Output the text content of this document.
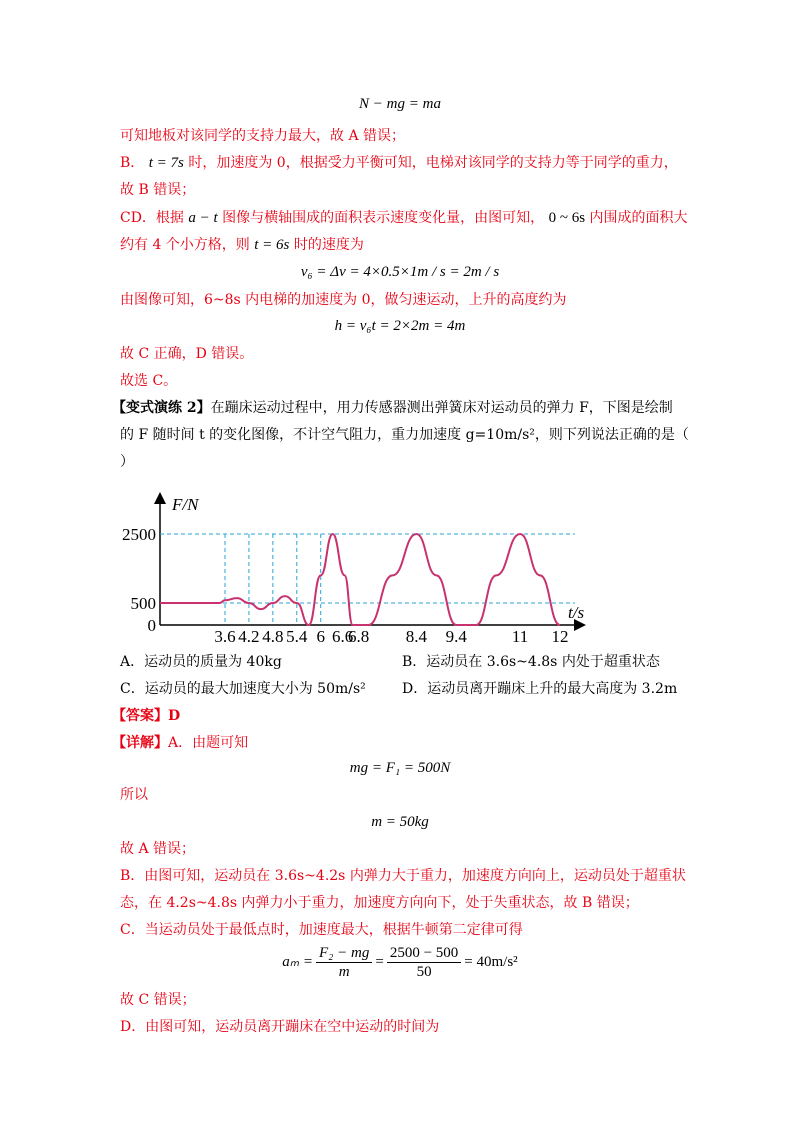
N − mg = ma
可知地板对该同学的支持力最大，故 A 错误；
B． t = 7s 时，加速度为 0，根据受力平衡可知，电梯对该同学的支持力等于同学的重力，
故 B 错误；
CD．根据 a − t 图像与横轴围成的面积表示速度变化量，由图可知， 0 ~ 6s 内围成的面积大
约有 4 个小方格，则 t = 6s 时的速度为
v₆ = Δv = 4×0.5×1m / s = 2m / s
由图像可知，6~8s 内电梯的加速度为 0，做匀速运动，上升的高度约为
h = v₆t = 2×2m = 4m
故 C 正确，D 错误。
故选 C。
【变式演练 2】在蹦床运动过程中，用力传感器测出弹簧床对运动员的弹力 F，下图是绘制
的 F 随时间 t 的变化图像，不计空气阻力，重力加速度 g=10m/s²，则下列说法正确的是（
）
F/N
t/s
0
500
2500
3.6 4.2 4.8 5.4 6 6.6
6.8 8.4 9.4	11 12
A．运动员的质量为 40kg	B．运动员在 3.6s~4.8s 内处于超重状态
C．运动员的最大加速度大小为 50m/s²	D．运动员离开蹦床上升的最大高度为 3.2m
【答案】D
【详解】A．由题可知
mg = F₁ = 500N
所以
m = 50kg
故 A 错误；
B．由图可知，运动员在 3.6s~4.2s 内弹力大于重力，加速度方向向上，运动员处于超重状
态，在 4.2s~4.8s 内弹力小于重力，加速度方向向下，处于失重状态，故 B 错误；
C．当运动员处于最低点时，加速度最大，根据牛顿第二定律可得
$a_m = \frac{\text{F₂ − mg}}{m} = \frac{2500 - 500}{50} = 40m/s^2$
故 C 错误；
D．由图可知，运动员离开蹦床在空中运动的时间为
